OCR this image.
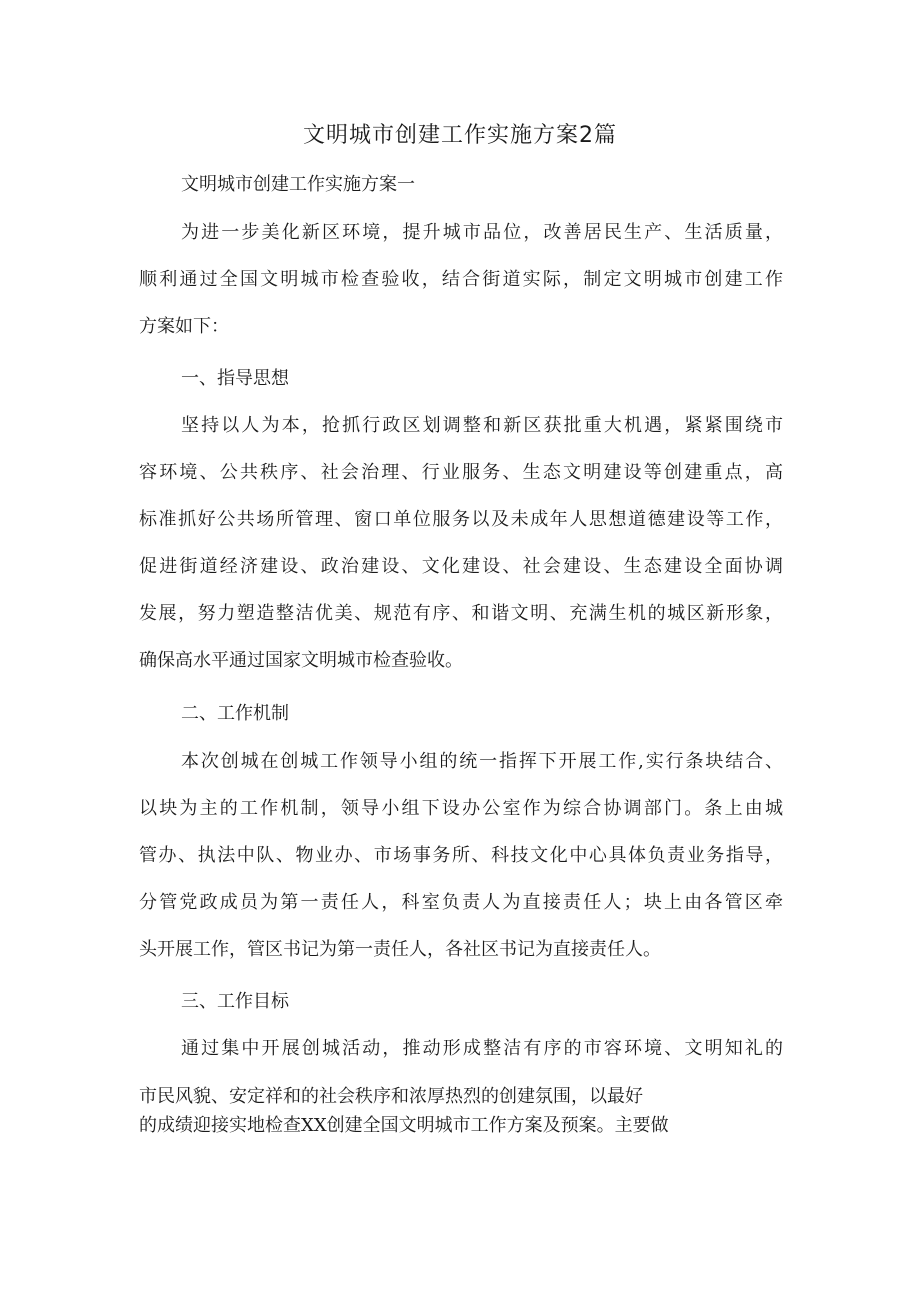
文明城市创建工作实施方案2篇
文明城市创建工作实施方案一
为进一步美化新区环境，提升城市品位，改善居民生产、生活质量，
顺利通过全国文明城市检查验收，结合街道实际，制定文明城市创建工作
方案如下：
一、指导思想
坚持以人为本，抢抓行政区划调整和新区获批重大机遇，紧紧围绕市
容环境、公共秩序、社会治理、行业服务、生态文明建设等创建重点，高
标准抓好公共场所管理、窗口单位服务以及未成年人思想道德建设等工作，
促进街道经济建设、政治建设、文化建设、社会建设、生态建设全面协调
发展，努力塑造整洁优美、规范有序、和谐文明、充满生机的城区新形象，
确保高水平通过国家文明城市检查验收。
二、工作机制
本次创城在创城工作领导小组的统一指挥下开展工作,实行条块结合、
以块为主的工作机制，领导小组下设办公室作为综合协调部门。条上由城
管办、执法中队、物业办、市场事务所、科技文化中心具体负责业务指导，
分管党政成员为第一责任人，科室负责人为直接责任人；块上由各管区牵
头开展工作，管区书记为第一责任人，各社区书记为直接责任人。
三、工作目标
通过集中开展创城活动，推动形成整洁有序的市容环境、文明知礼的
市民风貌、安定祥和的社会秩序和浓厚热烈的创建氛围，以最好
的成绩迎接实地检查XX创建全国文明城市工作方案及预案。主要做
